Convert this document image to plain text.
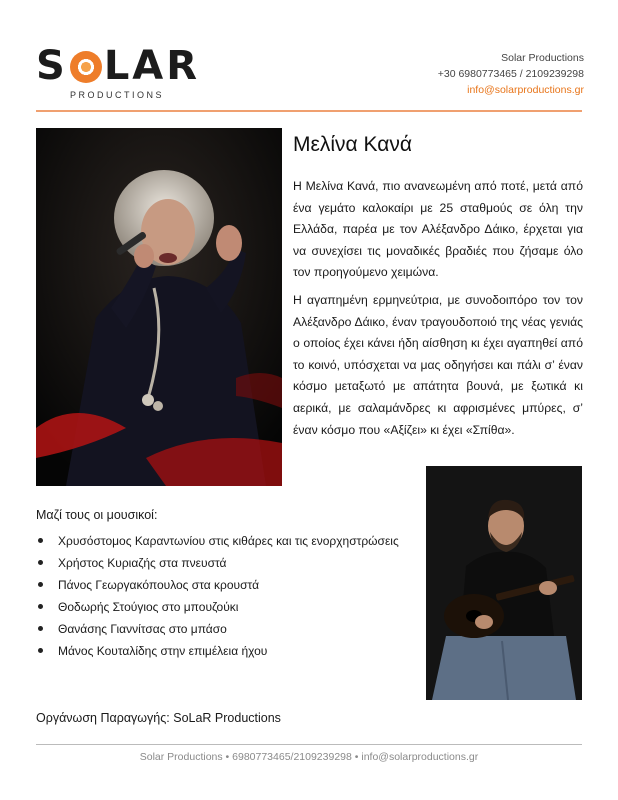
S LAR
PRODUCTIONS
Solar Productions
+30 6980773465 / 2109239298
info@solarproductions.gr
Μελίνα Κανά
Η Μελίνα Κανά, πιο ανανεωμένη από ποτέ, μετά από ένα γεμάτο καλοκαίρι με 25 σταθμούς σε όλη την Ελλάδα, παρέα με τον Αλέξανδρο Δάικο, έρχεται για να συνεχίσει τις μοναδικές βραδιές που ζήσαμε όλο τον προηγούμενο χειμώνα.
Η αγαπημένη ερμηνεύτρια, με συνοδοιπόρο τον τον Αλέξανδρο Δάικο, έναν τραγουδοποιό της νέας γενιάς ο οποίος έχει κάνει ήδη αίσθηση κι έχει αγαπηθεί από το κοινό, υπόσχεται να μας οδηγήσει και πάλι σ’ έναν κόσμο μεταξωτό με απάτητα βουνά, με ξωτικά κι αερικά, με σαλαμάνδρες κι αφρισμένες μπύρες, σ’ έναν κόσμο που «Αξίζει» κι έχει «Σπίθα».
Μαζί τους οι μουσικοί:
Χρυσόστομος Καραντωνίου στις κιθάρες και τις ενορχηστρώσεις
Χρήστος Κυριαζής στα πνευστά
Πάνος Γεωργακόπουλος στα κρουστά
Θοδωρής Στούγιος στο μπουζούκι
Θανάσης Γιαννίτσας στο μπάσο
Μάνος Κουταλίδης στην επιμέλεια ήχου
Οργάνωση Παραγωγής: SoLaR Productions
Solar Productions • 6980773465/2109239298 • info@solarproductions.gr
